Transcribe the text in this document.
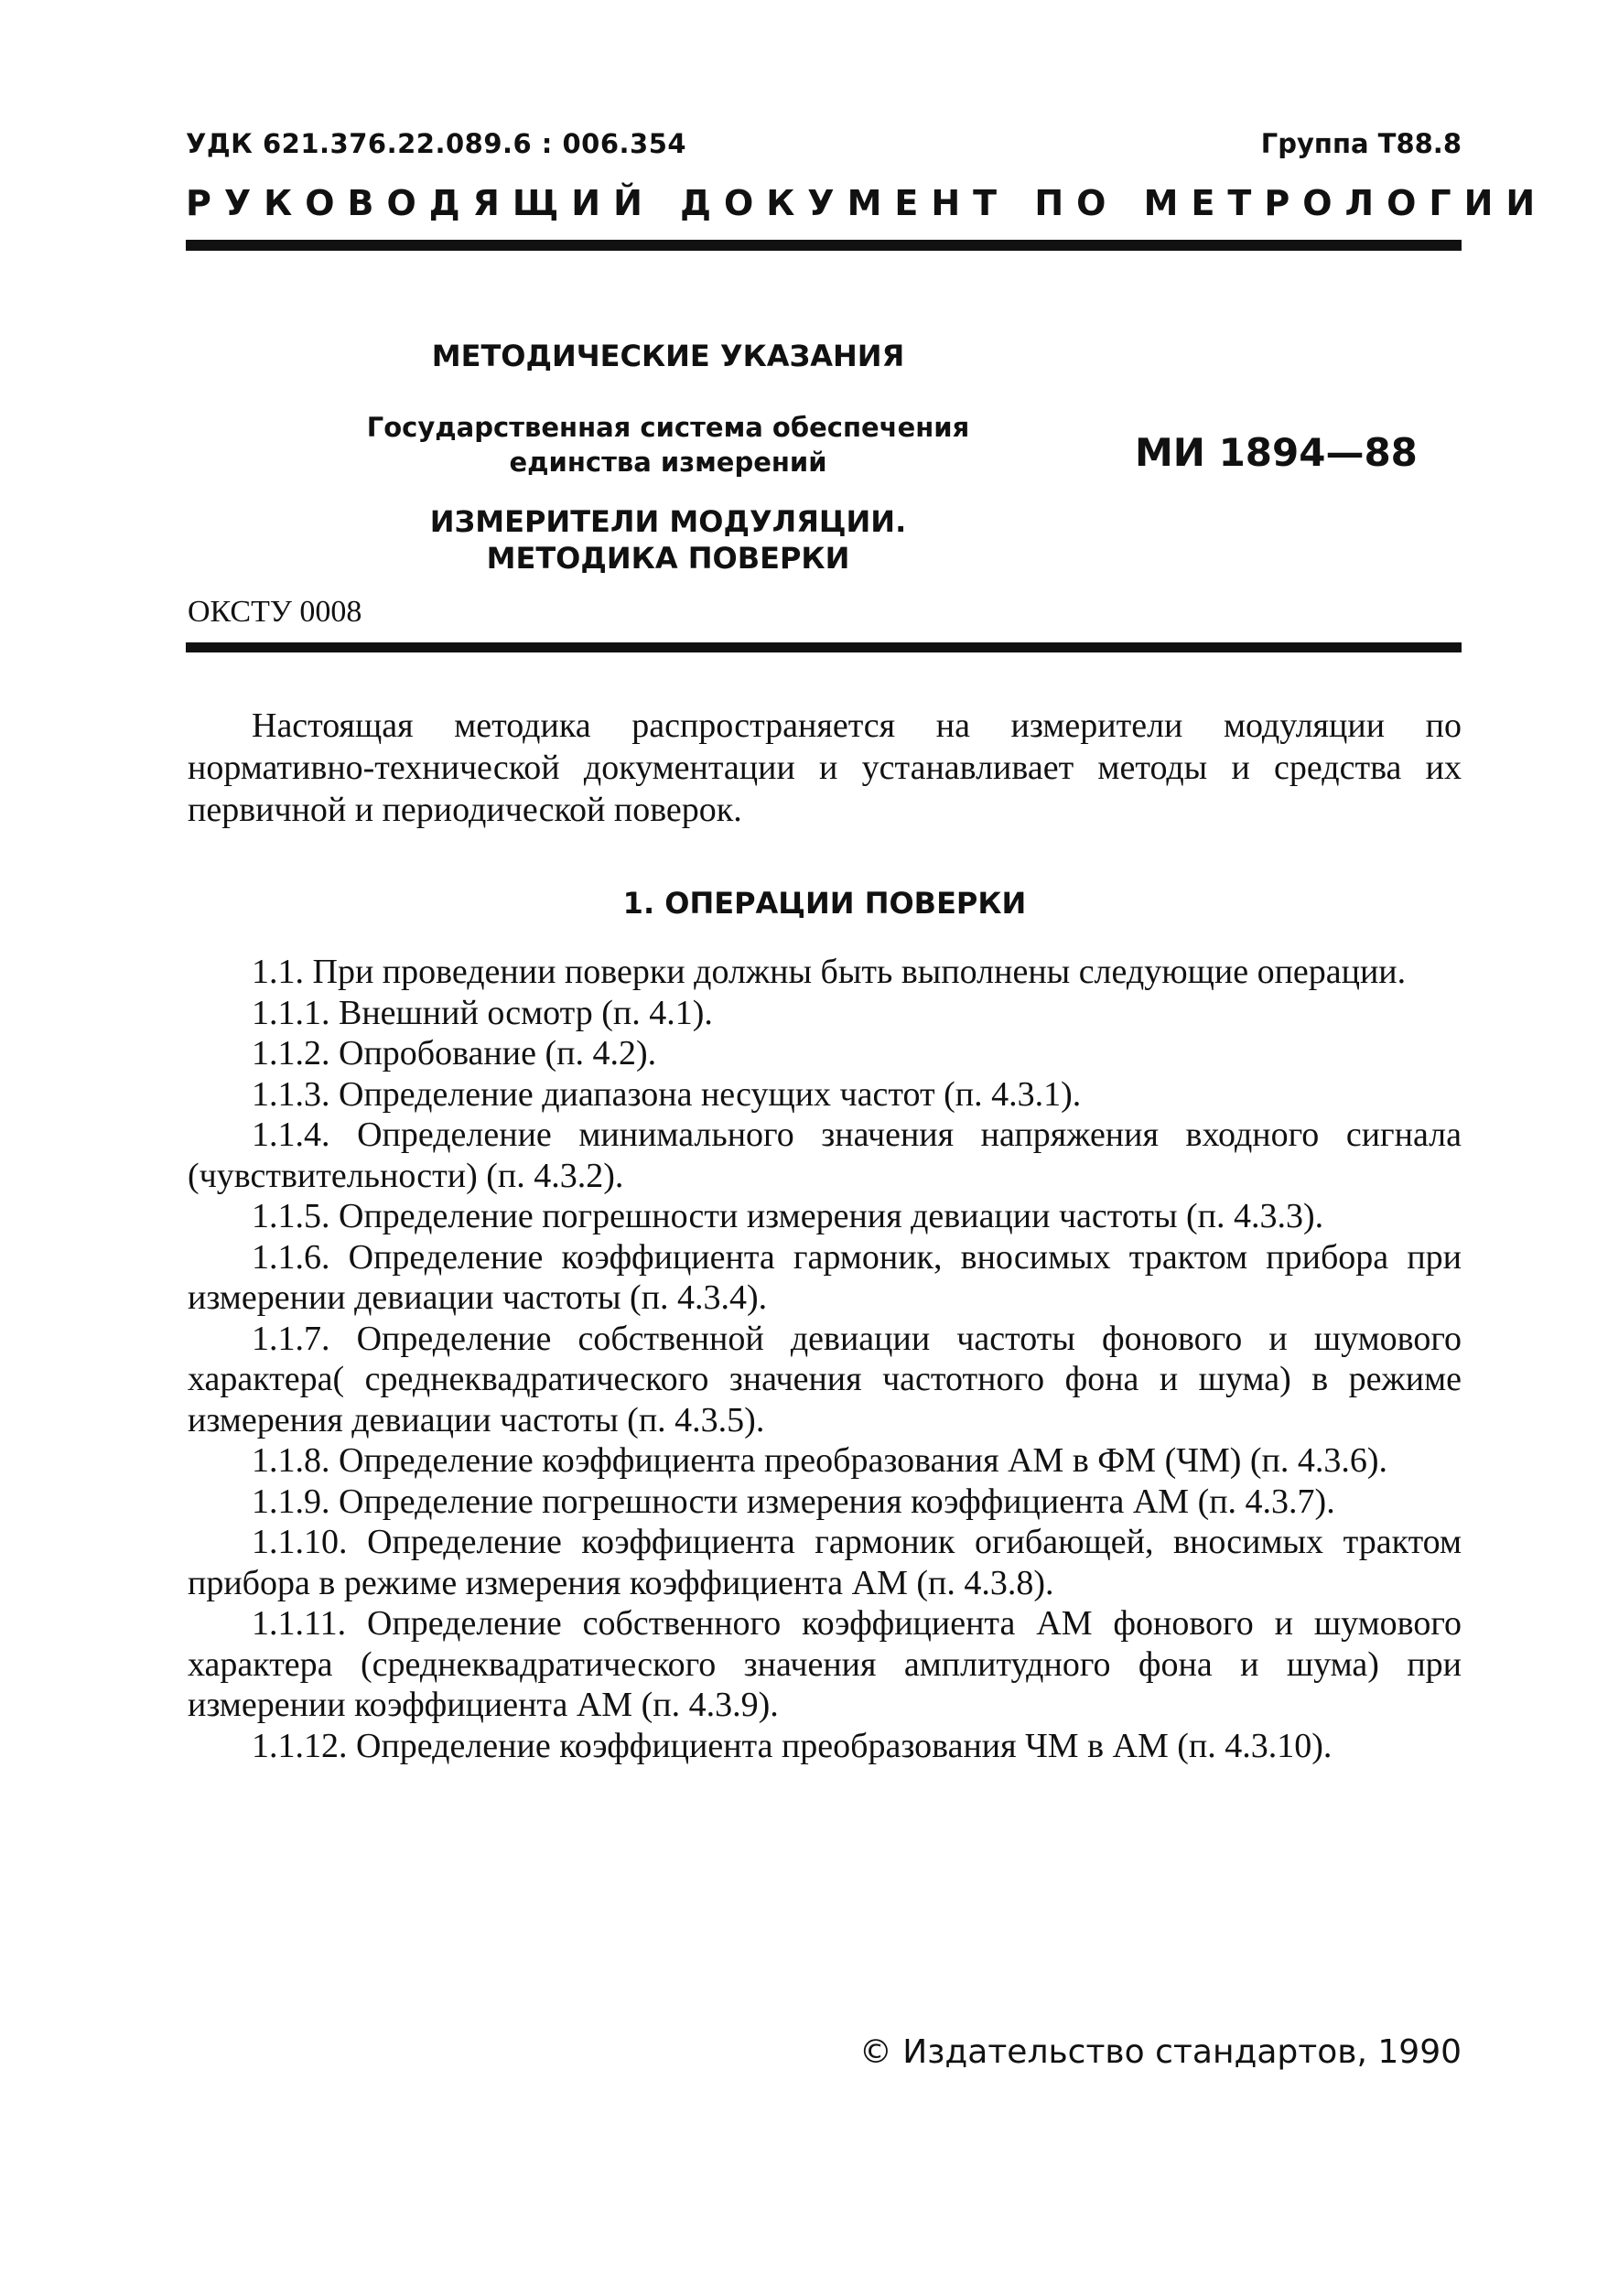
УДК 621.376.22.089.6 : 006.354	Группа Т88.8
РУКОВОДЯЩИЙ ДОКУМЕНТ ПО МЕТРОЛОГИИ
МЕТОДИЧЕСКИЕ УКАЗАНИЯ
Государственная система обеспечения
единства измерений
ИЗМЕРИТЕЛИ МОДУЛЯЦИИ.
МЕТОДИКА ПОВЕРКИ
МИ 1894—88
ОКСТУ 0008

Настоящая методика распространяется на измерители модуляции по нормативно-технической документации и устанавливает методы и средства их первичной и периодической поверок.

1. ОПЕРАЦИИ ПОВЕРКИ

1.1. При проведении поверки должны быть выполнены следующие операции.

1.1.1. Внешний осмотр (п. 4.1).

1.1.2. Опробование (п. 4.2).

1.1.3. Определение диапазона несущих частот (п. 4.3.1).

1.1.4. Определение минимального значения напряжения входного сигнала (чувствительности) (п. 4.3.2).

1.1.5. Определение погрешности измерения девиации частоты (п. 4.3.3).

1.1.6. Определение коэффициента гармоник, вносимых трактом прибора при измерении девиации частоты (п. 4.3.4).

1.1.7. Определение собственной девиации частоты фонового и шумового характера( среднеквадратического значения частотного фона и шума) в режиме измерения девиации частоты (п. 4.3.5).

1.1.8. Определение коэффициента преобразования АМ в ФМ (ЧМ) (п. 4.3.6).

1.1.9. Определение погрешности измерения коэффициента АМ (п. 4.3.7).

1.1.10. Определение коэффициента гармоник огибающей, вносимых трактом прибора в режиме измерения коэффициента АМ (п. 4.3.8).

1.1.11. Определение собственного коэффициента АМ фонового и шумового характера (среднеквадратического значения амплитудного фона и шума) при измерении коэффициента АМ (п. 4.3.9).

1.1.12. Определение коэффициента преобразования ЧМ в АМ (п. 4.3.10).

© Издательство стандартов, 1990
